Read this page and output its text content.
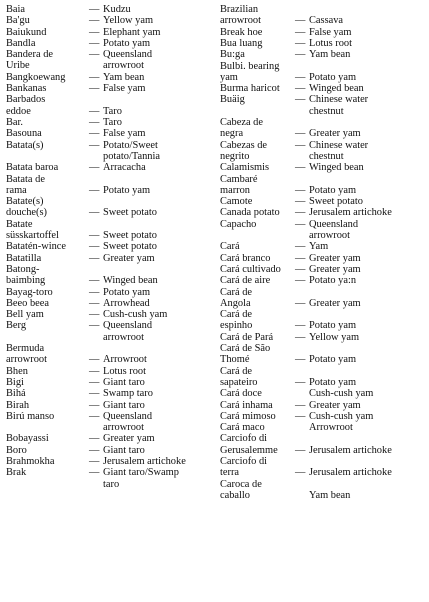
Baia	— Kudzu
Ba'gu	— Yellow yam
Baiukund	— Elephant yam
Bandla	— Potato yam
Bandera de	— Queensland
Uribe	arrowroot
Bangkoewang — Yam bean
Bankanas	— False yam
Barbados
eddoe	— Taro
Bar.	— Taro
Basouna	— False yam
Batata(s)	— Potato/Sweet
potato/Tannia
Batata baroa	— Arracacha
Batata de
rama	— Potato yam
Batate(s)
douche(s)	— Sweet potato
Batate
süsskartoffel	— Sweet potato
Batatén-wince — Sweet potato
Batatilla	— Greater yam
Batong-
baimbing	— Winged bean
Bayag-toro	— Potato yam
Beeo beea	— Arrowhead
Bell yam	— Cush-cush yam
Berg	— Queensland
arrowroot
Bermuda
arrowroot	— Arrowroot
Bhen	— Lotus root
Bigi	— Giant taro
Bihá	— Swamp taro
Birah	— Giant taro
Birú manso	— Queensland
arrowroot
Bobayassi	— Greater yam
Boro	— Giant taro
Brahmokha	— Jerusalem artichoke
Brak	— Giant taro/Swamp
taro
Brazilian
arrowroot	— Cassava
Break hoe	— False yam
Bua luang	— Lotus root
Bu:ga	— Yam bean
Bulbi. bearing
yam	— Potato yam
Burma haricot — Winged bean
Buäig	— Chinese water
chestnut
Cabeza de
negra	— Greater yam
Cabezas de	— Chinese water
negrito	chestnut
Calamismis — Winged bean
Cambaré
marron	— Potato yam
Camote	— Sweet potato
Canada potato — Jerusalem artichoke
Capacho	— Queensland
arrowroot
Cará	— Yam
Cará branco — Greater yam
Cará cultivado — Greater yam
Cará de aire — Potato ya:n
Cará de
Angola	— Greater yam
Cará de
espinho	— Potato yam
Cará de Pará — Yellow yam
Cará de São
Thomé	— Potato yam
Cará de
sapateiro	— Potato yam
Cará doce	Cush-cush yam
Cará inhama — Greater yam
Cará mimoso — Cush-cush yam
Cará maco	Arrowroot
Carciofo di
Gerusalemme — Jerusalem artichoke
Carciofo di
terra	— Jerusalem artichoke
Caroca de
caballo	Yam bean
